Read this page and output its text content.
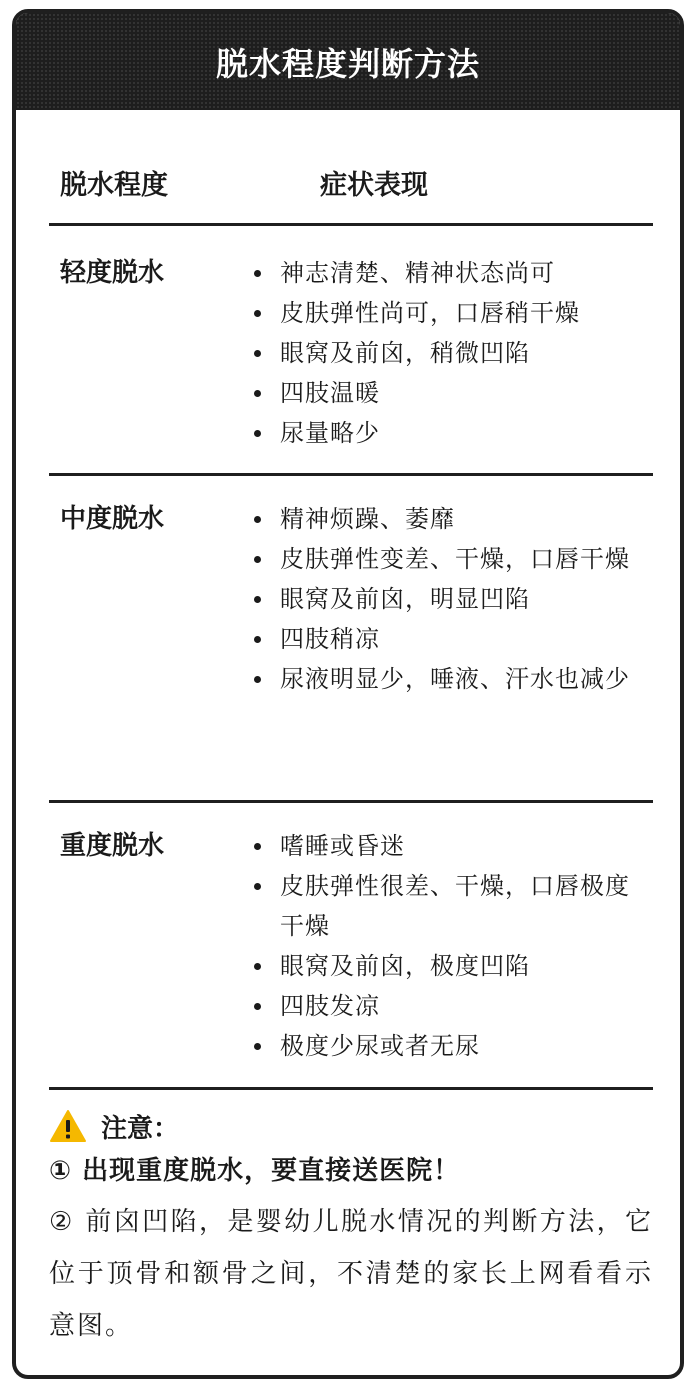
脱水程度判断方法
脱水程度	症状表现
轻度脱水	神志清楚、精神状态尚可
皮肤弹性尚可，口唇稍干燥
眼窝及前囟，稍微凹陷
四肢温暖
尿量略少
中度脱水	精神烦躁、萎靡
皮肤弹性变差、干燥，口唇干燥
眼窝及前囟，明显凹陷
四肢稍凉
尿液明显少，唾液、汗水也减少
重度脱水	嗜睡或昏迷
皮肤弹性很差、干燥，口唇极度干燥
眼窝及前囟，极度凹陷
四肢发凉
极度少尿或者无尿
注意：
① 出现重度脱水，要直接送医院！
② 前囟凹陷，是婴幼儿脱水情况的判断方法，它位于顶骨和额骨之间，不清楚的家长上网看看示意图。
